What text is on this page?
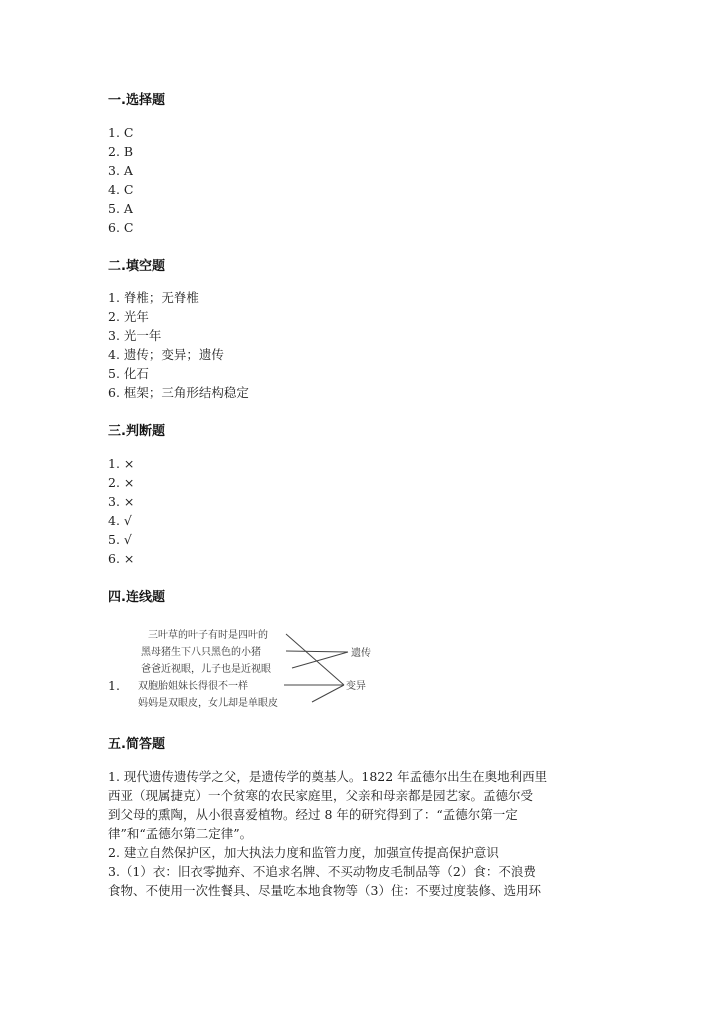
一.选择题
1. C
2. B
3. A
4. C
5. A
6. C
二.填空题
1. 脊椎；无脊椎
2. 光年
3. 光一年
4. 遗传；变异；遗传
5. 化石
6. 框架；三角形结构稳定
三.判断题
1. ×
2. ×
3. ×
4. √
5. √
6. ×
四.连线题
1.
三叶草的叶子有时是四叶的
黑母猪生下八只黑色的小猪
爸爸近视眼，儿子也是近视眼
双胞胎姐妹长得很不一样
妈妈是双眼皮，女儿却是单眼皮
遗传
变异
五.简答题
1. 现代遗传遗传学之父，是遗传学的奠基人。1822 年孟德尔出生在奥地利西里
西亚（现属捷克）一个贫寒的农民家庭里，父亲和母亲都是园艺家。孟德尔受
到父母的熏陶，从小很喜爱植物。经过 8 年的研究得到了：“孟德尔第一定
律”和“孟德尔第二定律”。
2. 建立自然保护区，加大执法力度和监管力度，加强宣传提高保护意识
3.（1）衣：旧衣零抛弃、不追求名牌、不买动物皮毛制品等（2）食：不浪费
食物、不使用一次性餐具、尽量吃本地食物等（3）住：不要过度装修、选用环
